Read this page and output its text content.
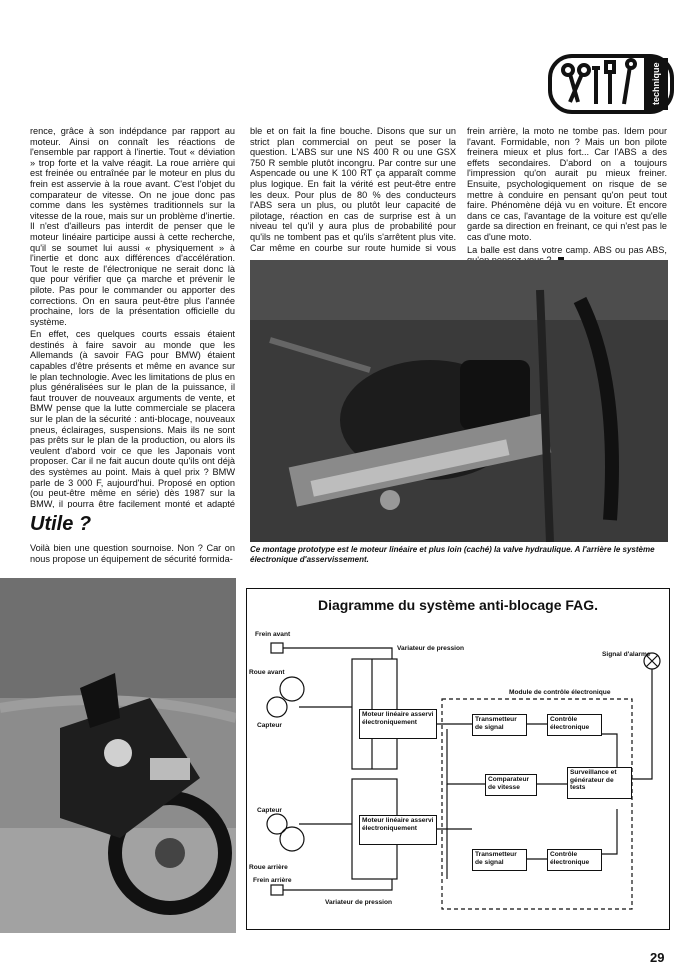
technique

rence, grâce à son indépdance par rapport au moteur. Ainsi on connaît les réactions de l'ensemble par rapport à l'inertie. Tout « déviation » trop forte et la valve réagit. La roue arrière qui est freinée ou entraînée par le moteur en plus du frein est asservie à la roue avant. C'est l'objet du comparateur de vitesse. On ne joue donc pas comme dans les systèmes traditionnels sur la vitesse de la roue, mais sur un problème d'inertie. Il n'est d'ailleurs pas interdit de penser que le moteur linéaire participe aussi à cette recherche, qu'il se soumet lui aussi « physiquement » à l'inertie et donc aux différences d'accélération. Tout le reste de l'électronique ne serait donc là que pour vérifier que ça marche et prévenir le pilote. Pas pour le commander ou apporter des corrections. On en saura peut-être plus l'année prochaine, lors de la présentation officielle du système.

En effet, ces quelques courts essais étaient destinés à faire savoir au monde que les Allemands (à savoir FAG pour BMW) étaient capables d'être présents et même en avance sur le plan technologie. Avec les limitations de plus en plus généralisées sur le plan de la puissance, il faut trouver de nouveaux arguments de vente, et BMW pense que la lutte commerciale se placera sur le plan de la sécurité : anti-blocage, nouveaux pneus, éclairages, suspensions. Mais ils ne sont pas prêts sur le plan de la production, ou alors ils veulent d'abord voir ce que les Japonais vont proposer. Car il ne fait aucun doute qu'ils ont déjà des systèmes au point. Mais à quel prix ? BMW parle de 3 000 F, aujourd'hui. Proposé en option (ou peut-être même en série) dès 1987 sur la BMW, il pourra être facilement monté et adapté

Utile ?
Voilà bien une question sournoise. Non ? Car on nous propose un équipement de sécurité formida-
ble et on fait la fine bouche. Disons que sur un strict plan commercial on peut se poser la question. L'ABS sur une NS 400 R ou une GSX 750 R semble plutôt incongru. Par contre sur une Aspencade ou une K 100 RT ça apparaît comme plus logique. En fait la vérité est peut-être entre les deux. Pour plus de 80 % des conducteurs l'ABS sera un plus, ou plutôt leur capacité de pilotage, réaction en cas de surprise est à un niveau tel qu'il y aura plus de probabilité pour qu'ils ne tombent pas et qu'ils s'arrêtent plus vite. Car même en courbe sur route humide si vous

frein arrière, la moto ne tombe pas. Idem pour l'avant. Formidable, non ? Mais un bon pilote freinera mieux et plus fort... Car l'ABS a des effets secondaires. D'abord on a toujours l'impression qu'on aurait pu mieux freiner. Ensuite, psychologiquement on risque de se mettre à conduire en pensant qu'on peut tout faire. Phénomène déjà vu en voiture. Et encore dans ce cas, l'avantage de la voiture est qu'elle garde sa direction en freinant, ce qui n'est pas le cas d'une moto.

La balle est dans votre camp. ABS ou pas ABS,

Ce montage prototype est le moteur linéaire et plus loin (caché) la valve hydraulique. A l'arrière le système électronique d'asservissement.
Diagramme du système anti-blocage FAG.
Frein avant
Variateur de pression
Signal d'alarme
Roue avant
Module de contrôle électronique
Capteur
Capteur
Roue arrière
Frein arrière
Variateur de pression
Moteur linéaire asservi électroniquement
Moteur linéaire asservi électroniquement
Transmetteur de signal
Contrôle électronique
Comparateur de vitesse
Surveillance et générateur de tests
Transmetteur de signal
Contrôle électronique
29
